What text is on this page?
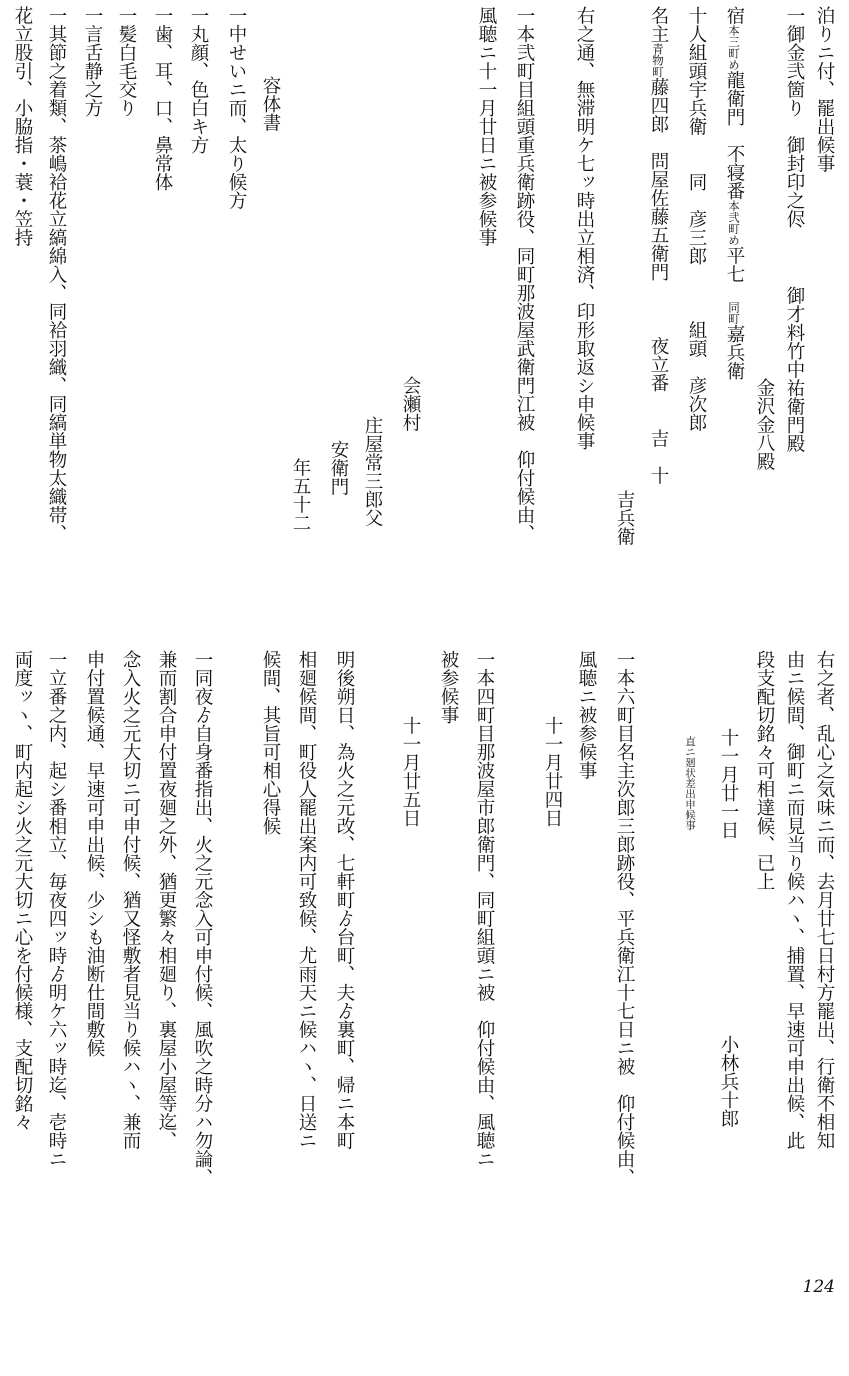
泊りニ付、罷出候事
一御金弐箇り　御封印之侭御才料竹中祐衛門殿
金沢金八殿
宿本三町め龍衛門　不寝番本弐町め平七　同町嘉兵衛
十人組頭宇兵衛　　同　彦三郎　　　組頭　彦次郎
名主青物町藤四郎　問屋佐藤五衛門　　　夜立番　　吉　十
吉兵衛
右之通、無滞明ケ七ッ時出立相済、印形取返シ申候事
一本弐町目組頭重兵衛跡役、同町那波屋武衛門江被　仰付候由、
風聴ニ十一月廿日ニ被参候事
会瀬村
庄屋常三郎父
安衛門
年五十二
容体書
一中せいニ而、太り候方
一丸顔、色白キ方
一歯、耳、口、鼻常体
一髪白毛交り
一言舌静之方
一其節之着類、茶嶋袷花立縞綿入、同袷羽織、同縞単物太織帯、
花立股引、小脇指・蓑・笠持
右之者、乱心之気味ニ而、去月廿七日村方罷出、行衛不相知
由ニ候間、御町ニ而見当り候ハヽ、捕置、早速可申出候、此
段支配切銘々可相達候、已上
十一月廿一日小林兵十郎
直ニ廻状差出申候事
一本六町目名主次郎三郎跡役、平兵衛江十七日ニ被　仰付候由、
風聴ニ被参候事
十一月廿四日
一本四町目那波屋市郎衛門、同町組頭ニ被　仰付候由、風聴ニ
被参候事
十一月廿五日
明後朔日、為火之元改、七軒町ゟ台町、夫ゟ裏町、帰ニ本町
相廻候間、町役人罷出案内可致候、尤雨天ニ候ハヽ、日送ニ
候間、其旨可相心得候
一同夜ゟ自身番指出、火之元念入可申付候、風吹之時分ハ勿論、
兼而割合申付置夜廻之外、猶更繁々相廻り、裏屋小屋等迄、
念入火之元大切ニ可申付候、猶又怪敷者見当り候ハヽ、兼而
申付置候通、早速可申出候、少シも油断仕間敷候
一立番之内、起シ番相立、毎夜四ッ時ゟ明ケ六ッ時迄、壱時ニ
両度ッヽ、町内起シ火之元大切ニ心を付候様、支配切銘々
124
